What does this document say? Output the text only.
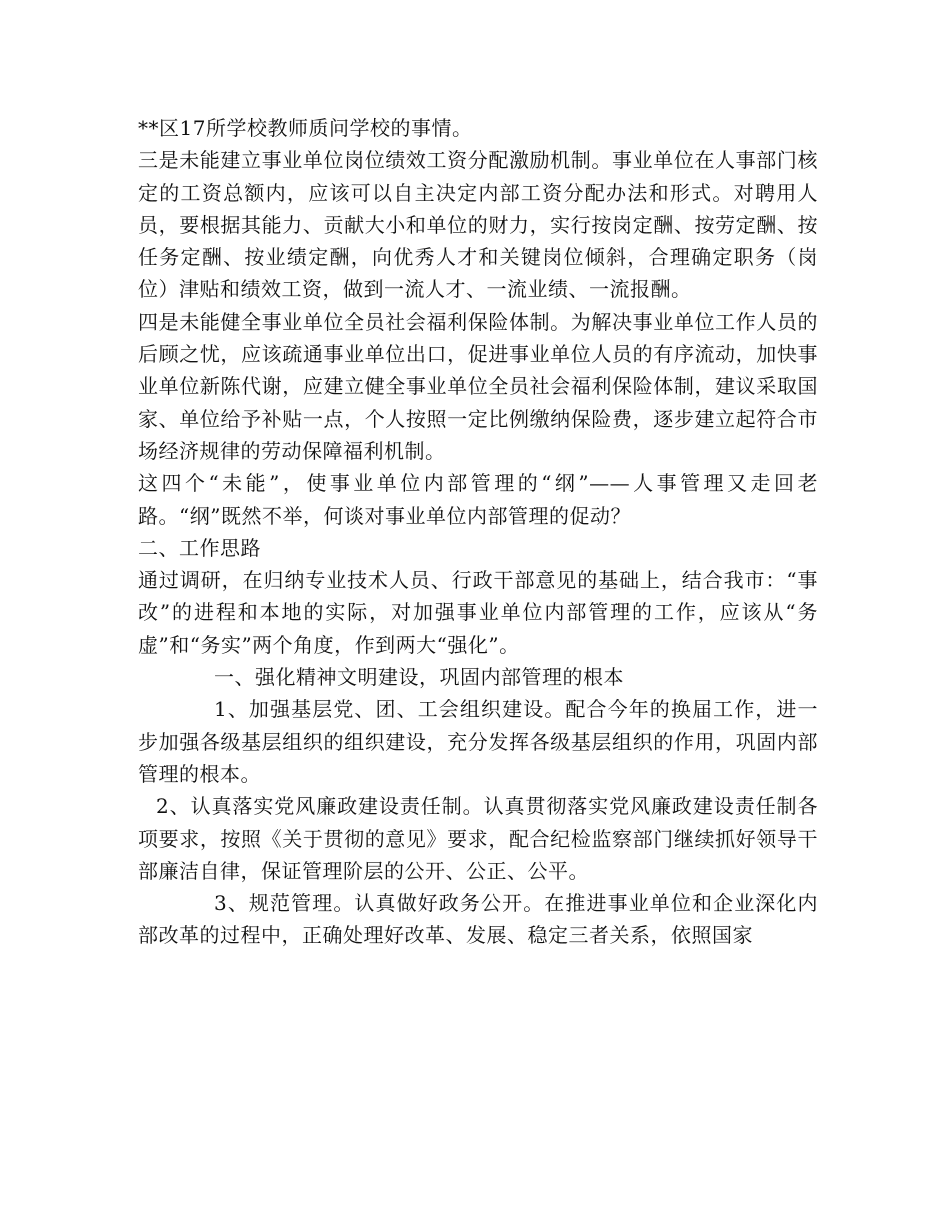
**区17所学校教师质问学校的事情。

三是未能建立事业单位岗位绩效工资分配激励机制。事业单位在人事部门核定的工资总额内，应该可以自主决定内部工资分配办法和形式。对聘用人员，要根据其能力、贡献大小和单位的财力，实行按岗定酬、按劳定酬、按任务定酬、按业绩定酬，向优秀人才和关键岗位倾斜，合理确定职务（岗位）津贴和绩效工资，做到一流人才、一流业绩、一流报酬。

四是未能健全事业单位全员社会福利保险体制。为解决事业单位工作人员的后顾之忧，应该疏通事业单位出口，促进事业单位人员的有序流动，加快事业单位新陈代谢，应建立健全事业单位全员社会福利保险体制，建议采取国家、单位给予补贴一点，个人按照一定比例缴纳保险费，逐步建立起符合市场经济规律的劳动保障福利机制。

这四个“未能”，使事业单位内部管理的“纲”——人事管理又走回老路。“纲”既然不举，何谈对事业单位内部管理的促动？

二、工作思路

通过调研，在归纳专业技术人员、行政干部意见的基础上，结合我市：“事改”的进程和本地的实际，对加强事业单位内部管理的工作，应该从“务虚”和“务实”两个角度，作到两大“强化”。

一、强化精神文明建设，巩固内部管理的根本

1、加强基层党、团、工会组织建设。配合今年的换届工作，进一步加强各级基层组织的组织建设，充分发挥各级基层组织的作用，巩固内部管理的根本。

2、认真落实党风廉政建设责任制。认真贯彻落实党风廉政建设责任制各项要求，按照《关于贯彻的意见》要求，配合纪检监察部门继续抓好领导干部廉洁自律，保证管理阶层的公开、公正、公平。

3、规范管理。认真做好政务公开。在推进事业单位和企业深化内部改革的过程中，正确处理好改革、发展、稳定三者关系，依照国家
